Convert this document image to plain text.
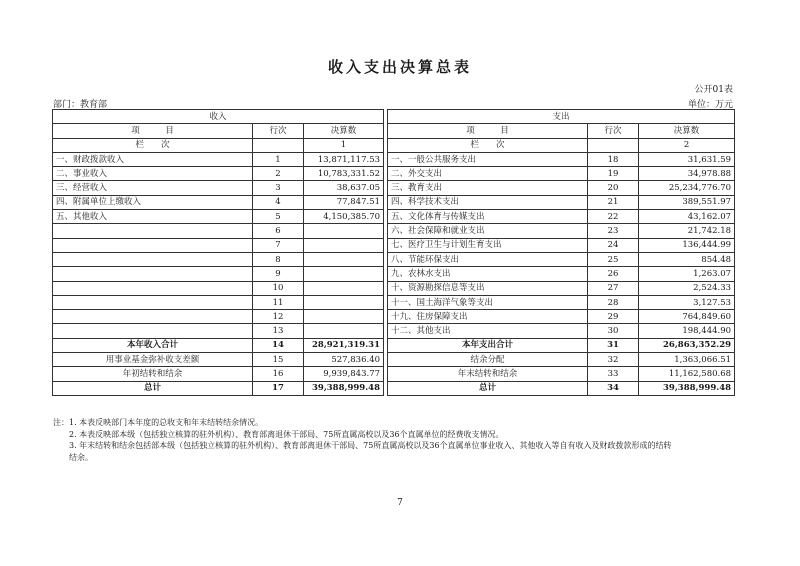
收入支出决算总表
公开01表
部门：教育部	单位：万元
收入				支出		
项　　　目	行次	决算数		项　　　目	行次	决算数
栏　　次		1		栏　　次		2
一、财政拨款收入	1	13,871,117.53		一、一般公共服务支出	18	31,631.59
二、事业收入	2	10,783,331.52		二、外交支出	19	34,978.88
三、经营收入	3	38,637.05		三、教育支出	20	25,234,776.70
四、附属单位上缴收入	4	77,847.51		四、科学技术支出	21	389,551.97
五、其他收入	5	4,150,385.70		五、文化体育与传媒支出	22	43,162.07
	6			六、社会保障和就业支出	23	21,742.18
	7			七、医疗卫生与计划生育支出	24	136,444.99
	8			八、节能环保支出	25	854.48
	9			九、农林水支出	26	1,263.07
	10			十、资源勘探信息等支出	27	2,524.33
	11			十一、国土海洋气象等支出	28	3,127.53
	12			十九、住房保障支出	29	764,849.60
	13			十二、其他支出	30	198,444.90
本年收入合计	14	28,921,319.31		本年支出合计	31	26,863,352.29
用事业基金弥补收支差额	15	527,836.40		结余分配	32	1,363,066.51
年初结转和结余	16	9,939,843.77		年末结转和结余	33	11,162,580.68
总计	17	39,388,999.48		总计	34	39,388,999.48
注：1. 本表反映部门本年度的总收支和年末结转结余情况。
2. 本表反映部本级（包括独立核算的驻外机构）、教育部离退休干部局、75所直属高校以及36个直属单位的经费收支情况。
3. 年末结转和结余包括部本级（包括独立核算的驻外机构）、教育部离退休干部局、75所直属高校以及36个直属单位事业收入、其他收入等自有收入及财政拨款形成的结转
结余。
7
